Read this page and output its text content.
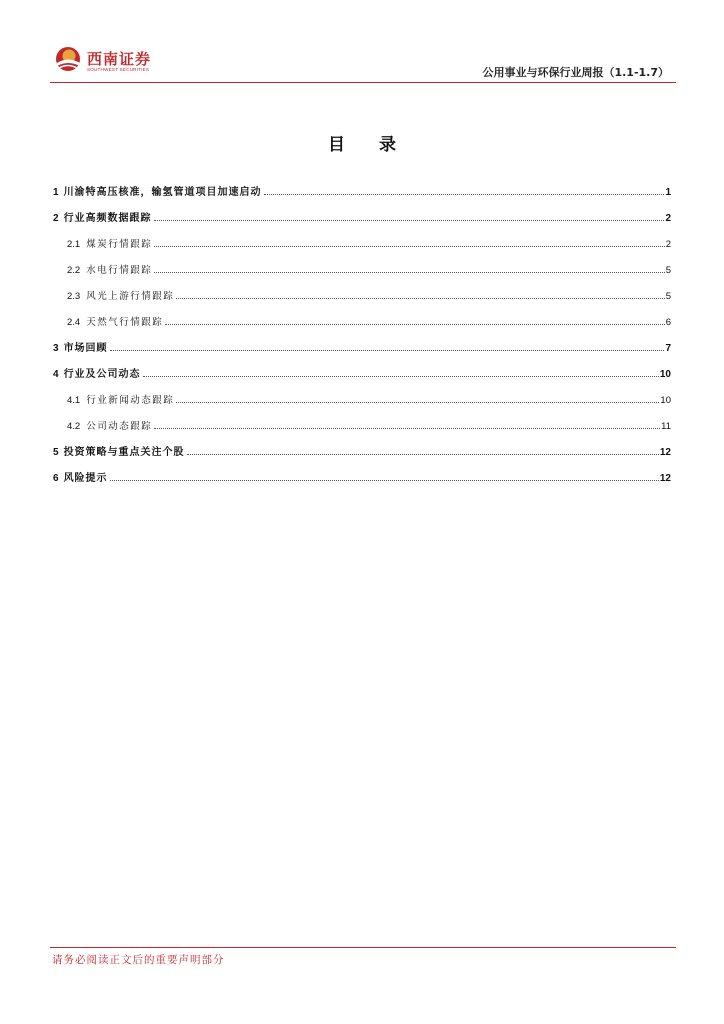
西南证券
SOUTHWEST SECURITIES	公用事业与环保行业周报（1.1-1.7）
目 录
1 川渝特高压核准，输氢管道项目加速启动	1
2 行业高频数据跟踪	2
2.1 煤炭行情跟踪	2
2.2 水电行情跟踪	5
2.3 风光上游行情跟踪	5
2.4 天然气行情跟踪	6
3 市场回顾	7
4 行业及公司动态	10
4.1 行业新闻动态跟踪	10
4.2 公司动态跟踪	11
5 投资策略与重点关注个股	12
6 风险提示	12
请务必阅读正文后的重要声明部分
